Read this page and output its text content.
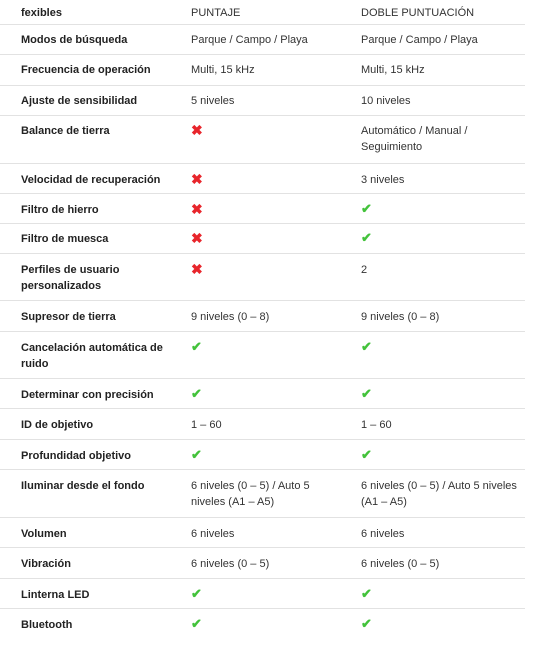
fexibles	PUNTAJE	DOBLE PUNTUACIÓN
Modos de búsqueda	Parque / Campo / Playa	Parque / Campo / Playa
Frecuencia de operación	Multi, 15 kHz	Multi, 15 kHz
Ajuste de sensibilidad	5 niveles	10 niveles
Balance de tierra	✖	Automático / Manual / Seguimiento
Velocidad de recuperación	✖	3 niveles
Filtro de hierro	✖	✔
Filtro de muesca	✖	✔
Perfiles de usuario personalizados	✖	2
Supresor de tierra	9 niveles (0 – 8)	9 niveles (0 – 8)
Cancelación automática de ruido	✔	✔
Determinar con precisión	✔	✔
ID de objetivo	1 – 60	1 – 60
Profundidad objetivo	✔	✔
Iluminar desde el fondo	6 niveles (0 – 5) / Auto 5 niveles (A1 – A5)	6 niveles (0 – 5) / Auto 5 niveles (A1 – A5)
Volumen	6 niveles	6 niveles
Vibración	6 niveles (0 – 5)	6 niveles (0 – 5)
Linterna LED	✔	✔
Bluetooth	✔	✔
